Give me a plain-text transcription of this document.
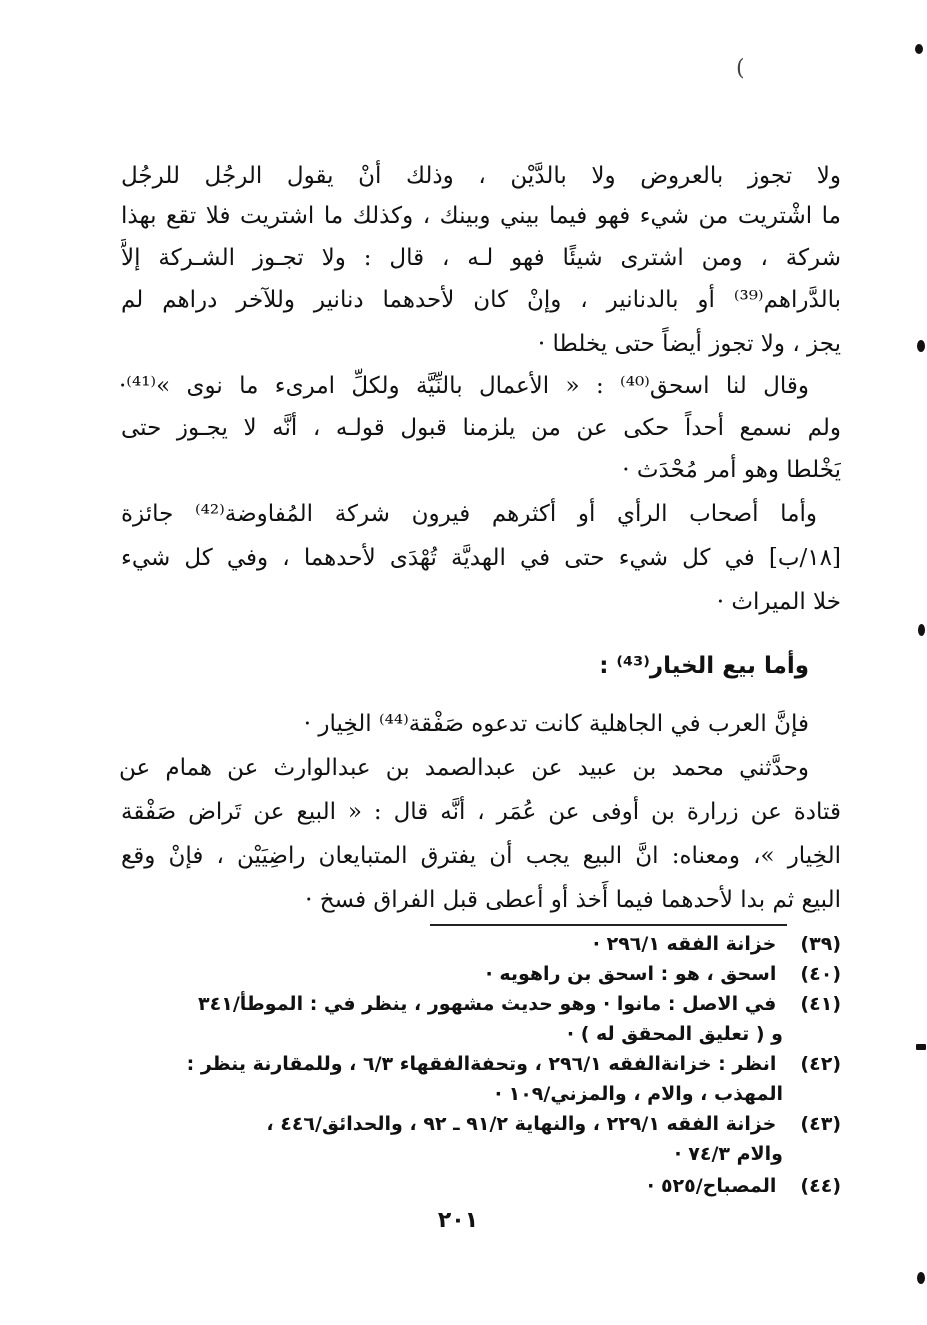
(
ولا تجوز بالعروض ولا بالدَّيْن ، وذلك أنْ يقول الرجُل للرجُل
ما اشْتريت من شيء فهو فيما بيني وبينك ، وكذلك ما اشتريت فلا تقع بهذا
شركة ، ومن اشترى شيئًا فهو لـه ، قال : ولا تجـوز الشـركة إلاَّ
بالدَّراهم⁽³⁹⁾ أو بالدنانير ، وإنْ كان لأحدهما دنانير وللآخر دراهم لم
يجز ، ولا تجوز أيضاً حتى يخلطا ·
وقال لنا اسحق⁽⁴⁰⁾ : « الأعمال بالنِّيَّة ولكلِّ امرىء ما نوى »⁽⁴¹⁾·
ولم نسمع أحداً حكى عن من يلزمنا قبول قولـه ، أنَّه لا يجـوز حتى
يَخْلطا وهو أمر مُحْدَث ·
وأما أصحاب الرأي أو أكثرهم فيرون شركة المُفاوضة⁽⁴²⁾ جائزة
[١٨/ب] في كل شيء حتى في الهديَّة تُهْدَى لأحدهما ، وفي كل شيء
خلا الميراث ·
وأما بيع الخيار⁽⁴³⁾ :
فإنَّ العرب في الجاهلية كانت تدعوه صَفْقة⁽⁴⁴⁾ الخِيار ·
وحدَّثني محمد بن عبيد عن عبدالصمد بن عبدالوارث عن همام عن
قتادة عن زرارة بن أوفى عن عُمَر ، أنَّه قال : « البيع عن تَراض صَفْقة
الخِيار »، ومعناه: انَّ البيع يجب أن يفترق المتبايعان راضِيَيْن ، فإنْ وقع
البيع ثم بدا لأحدهما فيما أَخذ أو أعطى قبل الفراق فسخ ·
(٣٩) خزانة الفقه ٢٩٦/١ ·
(٤٠) اسحق ، هو : اسحق بن راهويه ·
(٤١) في الاصل : مانوا · وهو حديث مشهور ، ينظر في : الموطأ/٣٤١
و ( تعليق المحقق له ) ·
(٤٢) انظر : خزانةالفقه ٢٩٦/١ ، وتحفةالفقهاء ٦/٣ ، وللمقارنة ينظر :
المهذب ، والام ، والمزني/١٠٩ ·
(٤٣) خزانة الفقه ٢٢٩/١ ، والنهاية ٩١/٢ ـ ٩٢ ، والحدائق/٤٤٦ ،
والام ٧٤/٣ ·
(٤٤) المصباح/٥٢٥ ·
٢٠١
